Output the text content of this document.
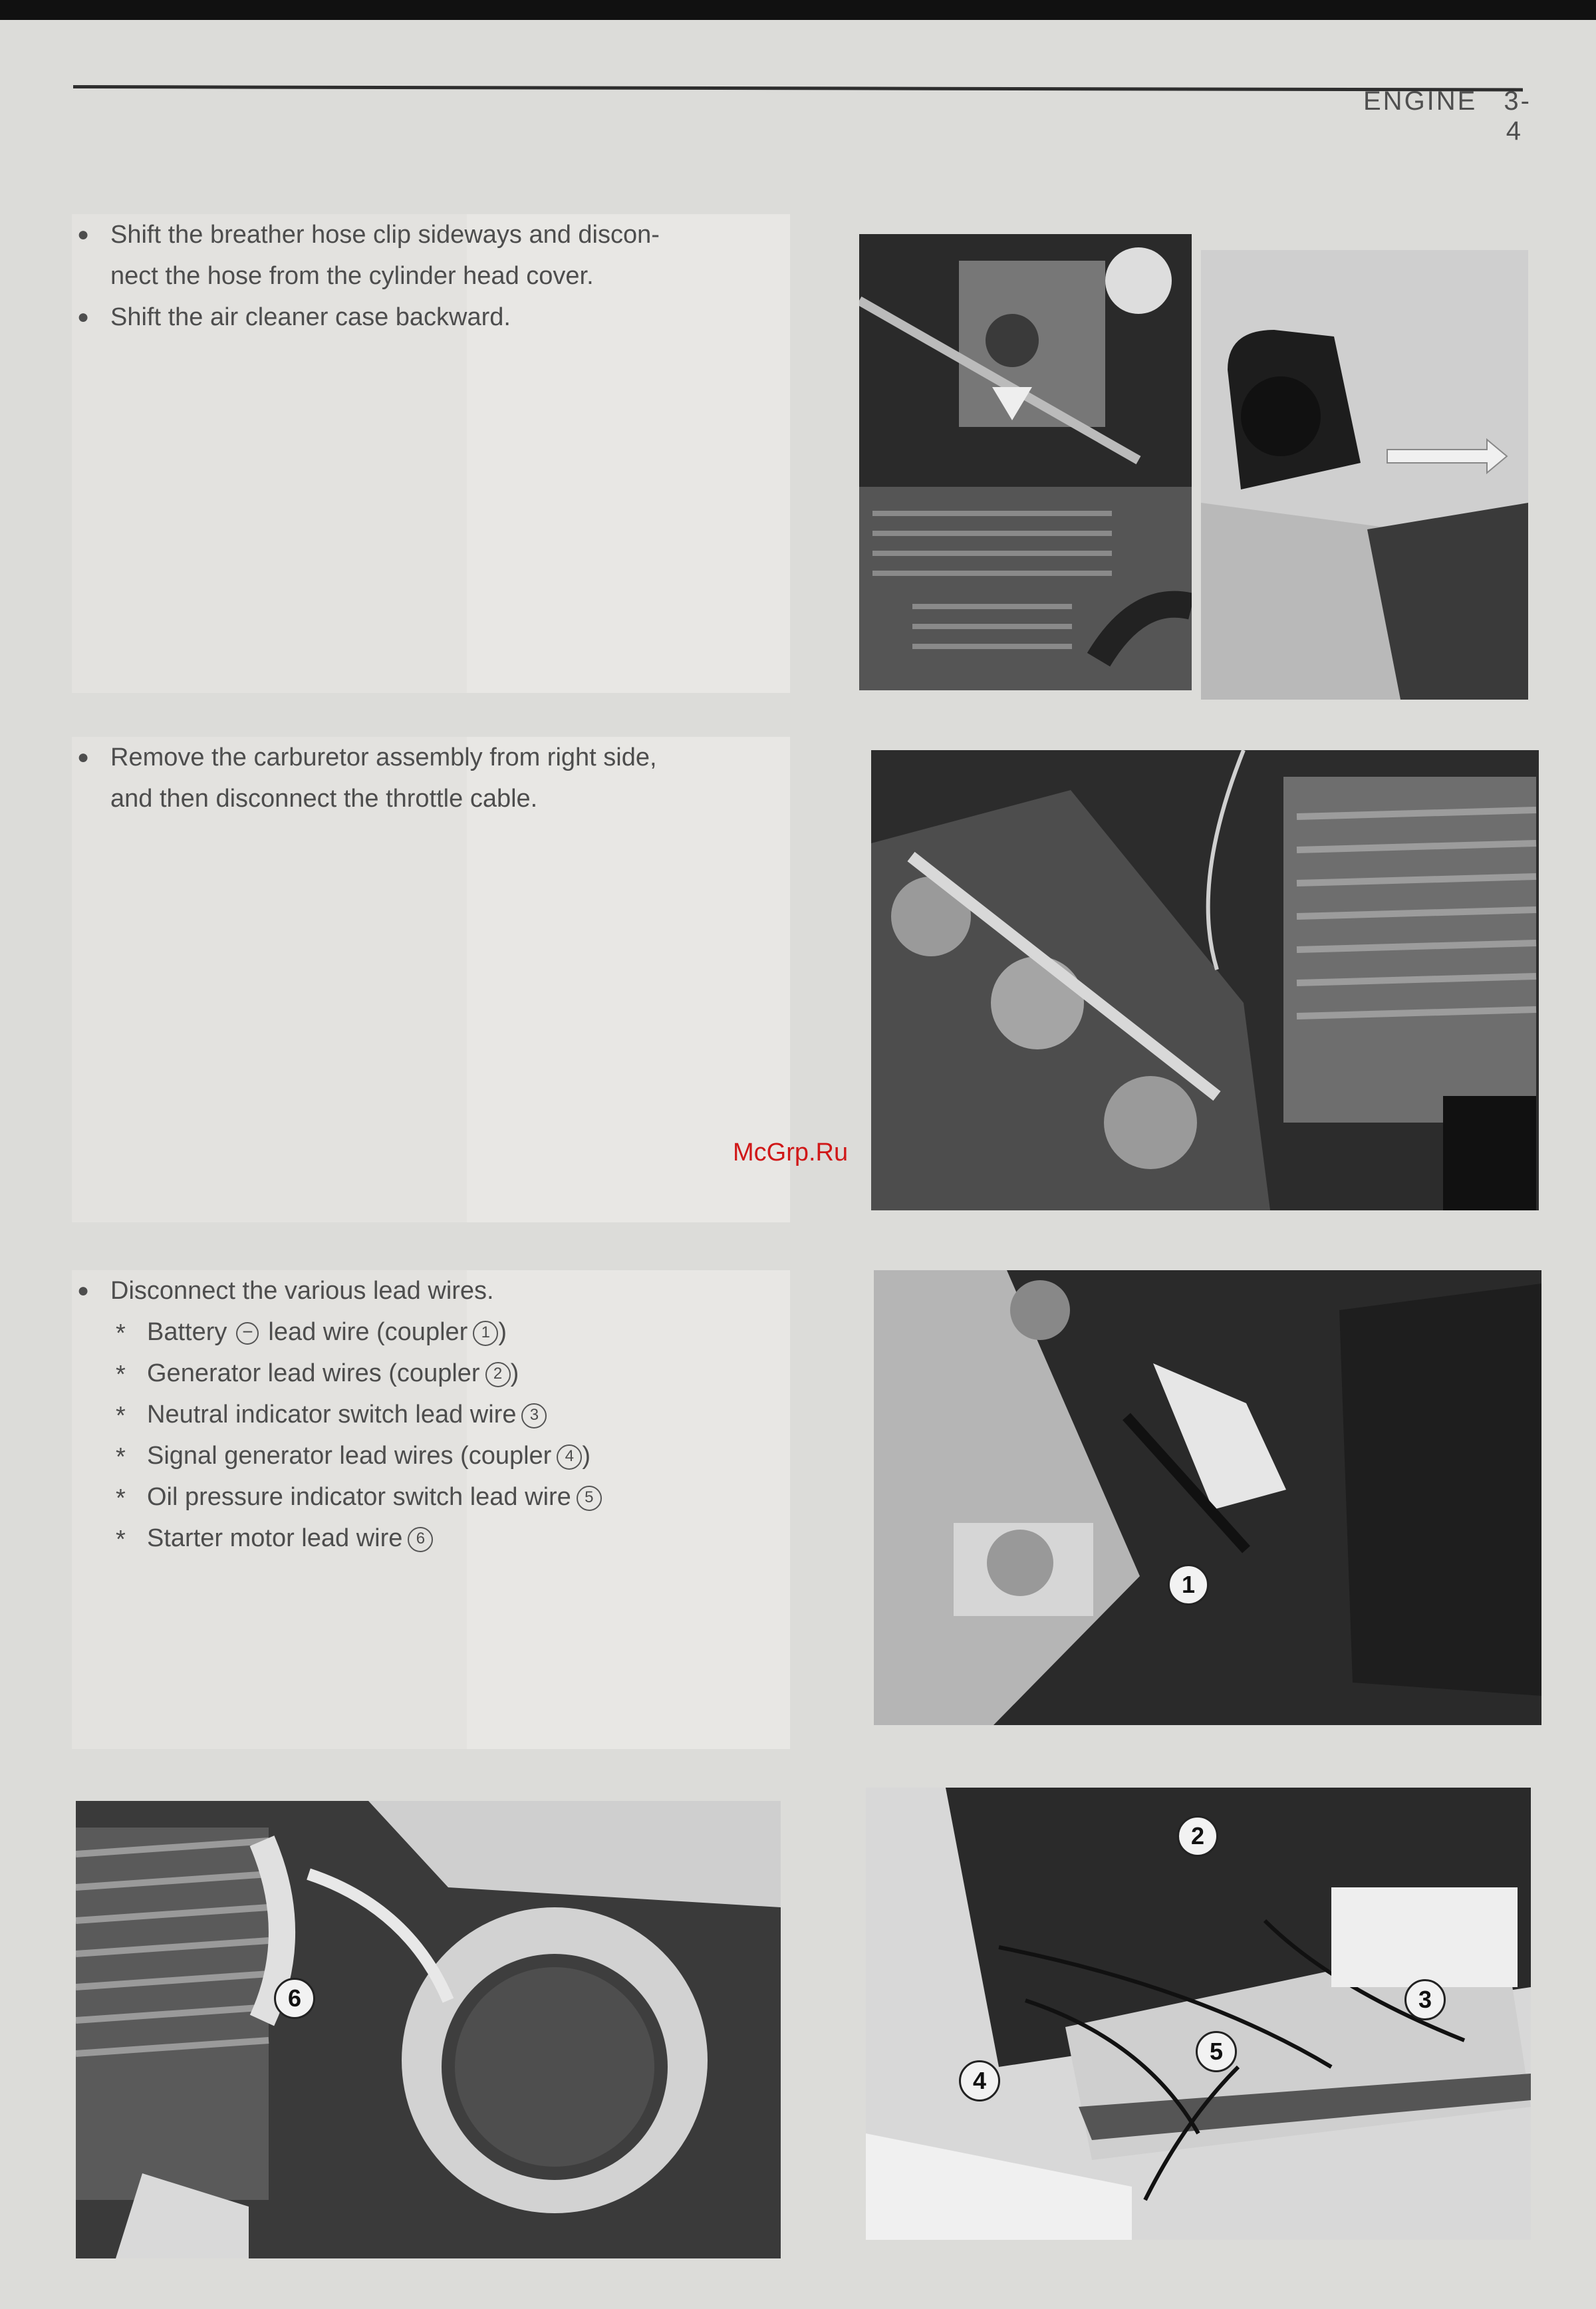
ENGINE 3-4
● Shift the breather hose clip sideways and discon-
nect the hose from the cylinder head cover.
● Shift the air cleaner case backward.
● Remove the carburetor assembly from right side,
and then disconnect the throttle cable.
● Disconnect the various lead wires.
* Battery − lead wire (coupler 1 )
* Generator lead wires (coupler 2 )
* Neutral indicator switch lead wire 3
* Signal generator lead wires (coupler 4 )
* Oil pressure indicator switch lead wire 5
* Starter motor lead wire 6
1
6
2
3
4
5
McGrp.Ru
